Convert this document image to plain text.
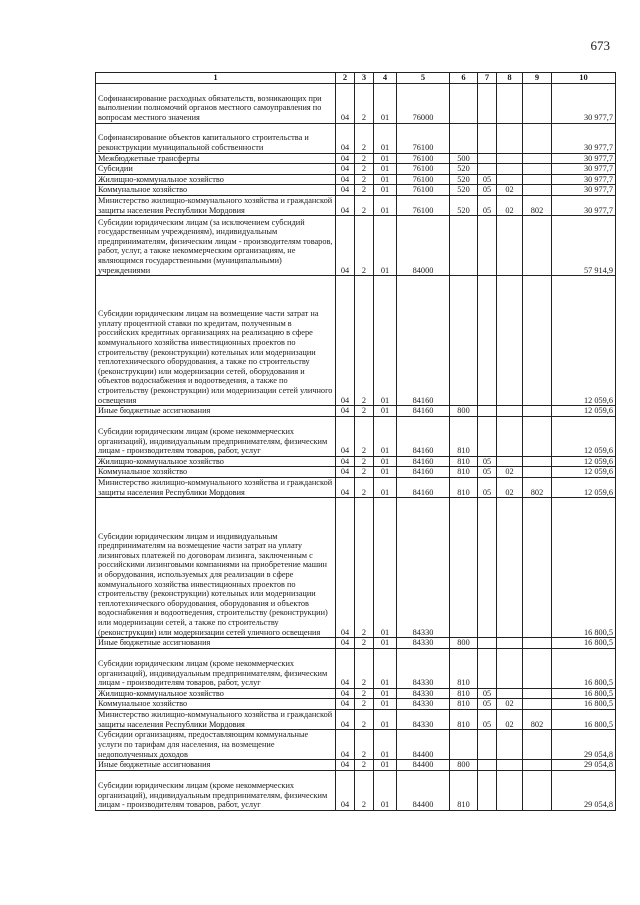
673
1	2	3	4	5	6	7	8	9	10
Софинансирование расходных обязательств, возникающих при выполнении полномочий органов местного самоуправления по вопросам местного значения	04	2	01	76000					30 977,7
Софинансирование объектов капитального строительства и реконструкции муниципальной собственности	04	2	01	76100					30 977,7
Межбюджетные трансферты	04	2	01	76100	500				30 977,7
Субсидии	04	2	01	76100	520				30 977,7
Жилищно-коммунальное хозяйство	04	2	01	76100	520	05			30 977,7
Коммунальное хозяйство	04	2	01	76100	520	05	02		30 977,7
Министерство жилищно-коммунального хозяйства и гражданской защиты населения Республики Мордовия	04	2	01	76100	520	05	02	802	30 977,7
Субсидии юридическим лицам (за исключением субсидий государственным учреждениям), индивидуальным предпринимателям, физическим лицам - производителям товаров, работ, услуг, а также некоммерческим организациям, не являющимся государственными (муниципальными) учреждениями	04	2	01	84000					57 914,9
Субсидии юридическим лицам на возмещение части затрат на уплату процентной ставки по кредитам, полученным в российских кредитных организациях на реализацию в сфере коммунального хозяйства инвестиционных проектов по строительству (реконструкции) котельных или модернизации теплотехнического оборудования, а также по строительству (реконструкции) или модернизации сетей, оборудования и объектов водоснабжения и водоотведения, а также по строительству (реконструкции) или модернизации сетей уличного освещения	04	2	01	84160					12 059,6
Иные бюджетные ассигнования	04	2	01	84160	800				12 059,6
Субсидии юридическим лицам (кроме некоммерческих организаций), индивидуальным предпринимателям, физическим лицам - производителям товаров, работ, услуг	04	2	01	84160	810				12 059,6
Жилищно-коммунальное хозяйство	04	2	01	84160	810	05			12 059,6
Коммунальное хозяйство	04	2	01	84160	810	05	02		12 059,6
Министерство жилищно-коммунального хозяйства и гражданской защиты населения Республики Мордовия	04	2	01	84160	810	05	02	802	12 059,6
Субсидии юридическим лицам и индивидуальным предпринимателям на возмещение части затрат на уплату лизинговых платежей по договорам лизинга, заключенным с российскими лизинговыми компаниями на приобретение машин и оборудования, используемых для реализации в сфере коммунального хозяйства инвестиционных проектов по строительству (реконструкции) котельных или модернизации теплотехнического оборудования, оборудования и объектов водоснабжения и водоотведения, строительству (реконструкции) или модернизации сетей, а также по строительству (реконструкции) или модернизации сетей уличного освещения	04	2	01	84330					16 800,5
Иные бюджетные ассигнования	04	2	01	84330	800				16 800,5
Субсидии юридическим лицам (кроме некоммерческих организаций), индивидуальным предпринимателям, физическим лицам - производителям товаров, работ, услуг	04	2	01	84330	810				16 800,5
Жилищно-коммунальное хозяйство	04	2	01	84330	810	05			16 800,5
Коммунальное хозяйство	04	2	01	84330	810	05	02		16 800,5
Министерство жилищно-коммунального хозяйства и гражданской защиты населения Республики Мордовия	04	2	01	84330	810	05	02	802	16 800,5
Субсидии организациям, предоставляющим коммунальные услуги по тарифам для населения, на возмещение недополученных доходов	04	2	01	84400					29 054,8
Иные бюджетные ассигнования	04	2	01	84400	800				29 054,8
Субсидии юридическим лицам (кроме некоммерческих организаций), индивидуальным предпринимателям, физическим лицам - производителям товаров, работ, услуг	04	2	01	84400	810				29 054,8
